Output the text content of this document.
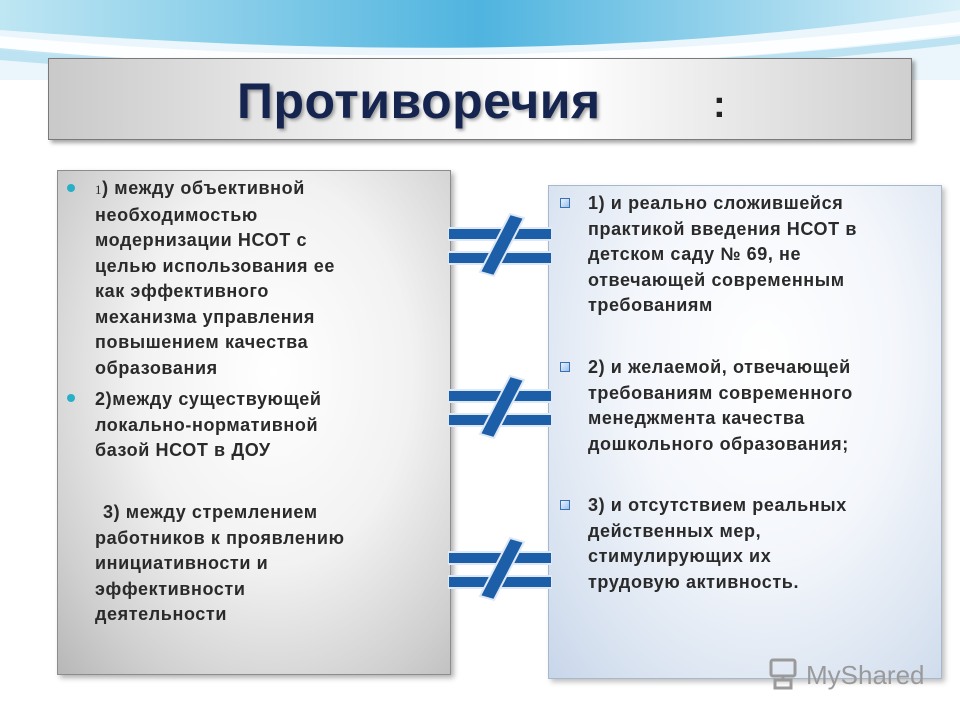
Противоречия	:
1) между объективной
необходимостью
модернизации НСОТ с
целью использования ее
как эффективного
механизма управления
повышением качества
образования
2)между существующей
локально-нормативной
базой НСОТ в ДОУ
3) между стремлением
работников к проявлению
инициативности и
эффективности
деятельности
1) и реально сложившейся
практикой введения НСОТ в
детском саду № 69, не
отвечающей современным
требованиям
2) и желаемой, отвечающей
требованиям современного
менеджмента качества
дошкольного образования;
3) и отсутствием реальных
действенных мер,
стимулирующих их
трудовую активность.
MyShared
